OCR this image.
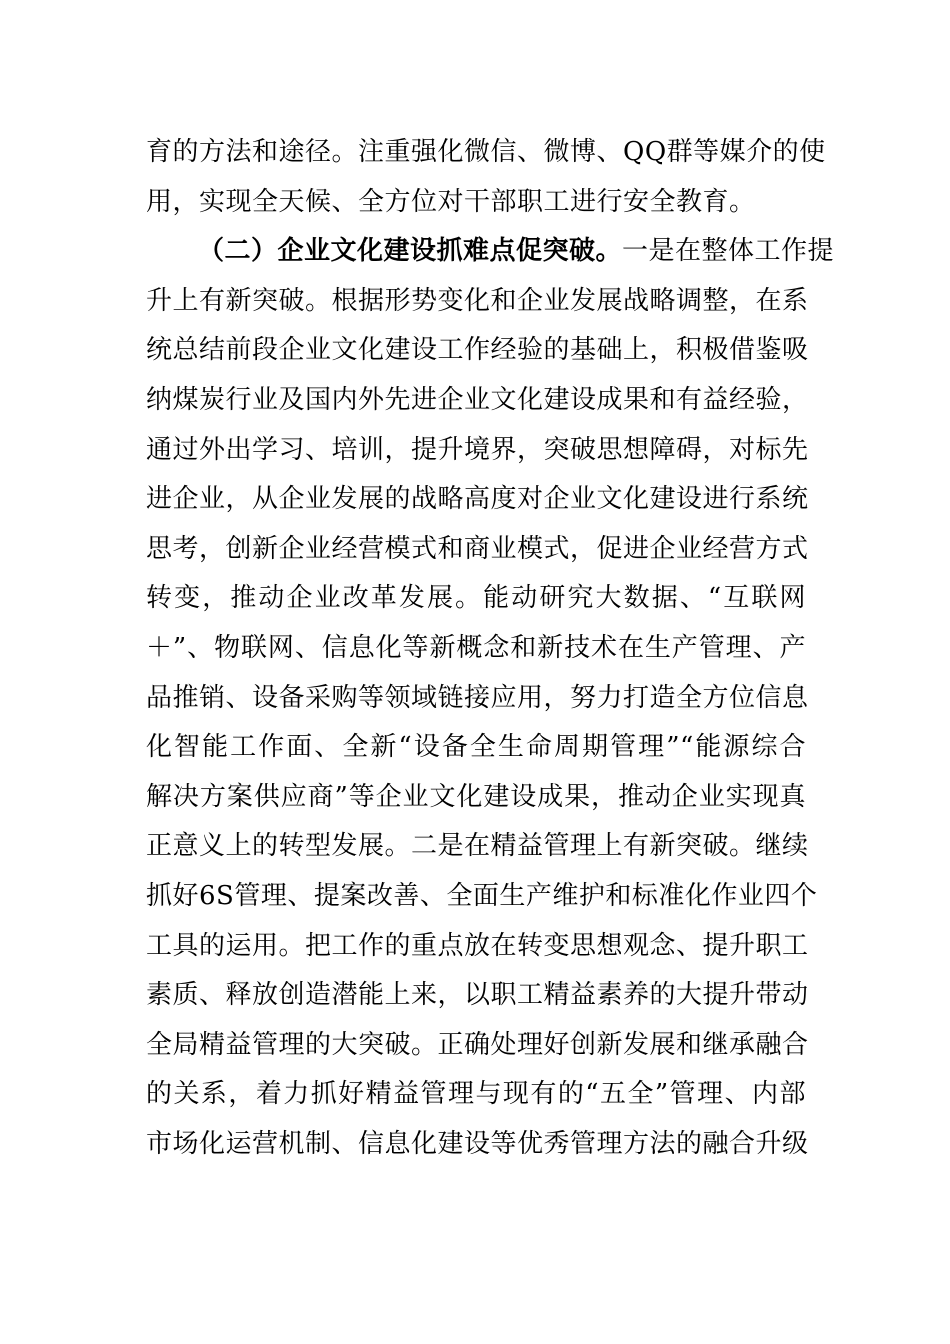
育的方法和途径。注重强化微信、微博、QQ群等媒介的使
用，实现全天候、全方位对干部职工进行安全教育。
（二）企业文化建设抓难点促突破。一是在整体工作提
升上有新突破。根据形势变化和企业发展战略调整，在系
统总结前段企业文化建设工作经验的基础上，积极借鉴吸
纳煤炭行业及国内外先进企业文化建设成果和有益经验，
通过外出学习、培训，提升境界，突破思想障碍，对标先
进企业，从企业发展的战略高度对企业文化建设进行系统
思考，创新企业经营模式和商业模式，促进企业经营方式
转变，推动企业改革发展。能动研究大数据、“互联网
＋”、物联网、信息化等新概念和新技术在生产管理、产
品推销、设备采购等领域链接应用，努力打造全方位信息
化智能工作面、全新“设备全生命周期管理”“能源综合
解决方案供应商”等企业文化建设成果，推动企业实现真
正意义上的转型发展。二是在精益管理上有新突破。继续
抓好6S管理、提案改善、全面生产维护和标准化作业四个
工具的运用。把工作的重点放在转变思想观念、提升职工
素质、释放创造潜能上来，以职工精益素养的大提升带动
全局精益管理的大突破。正确处理好创新发展和继承融合
的关系，着力抓好精益管理与现有的“五全”管理、内部
市场化运营机制、信息化建设等优秀管理方法的融合升级
